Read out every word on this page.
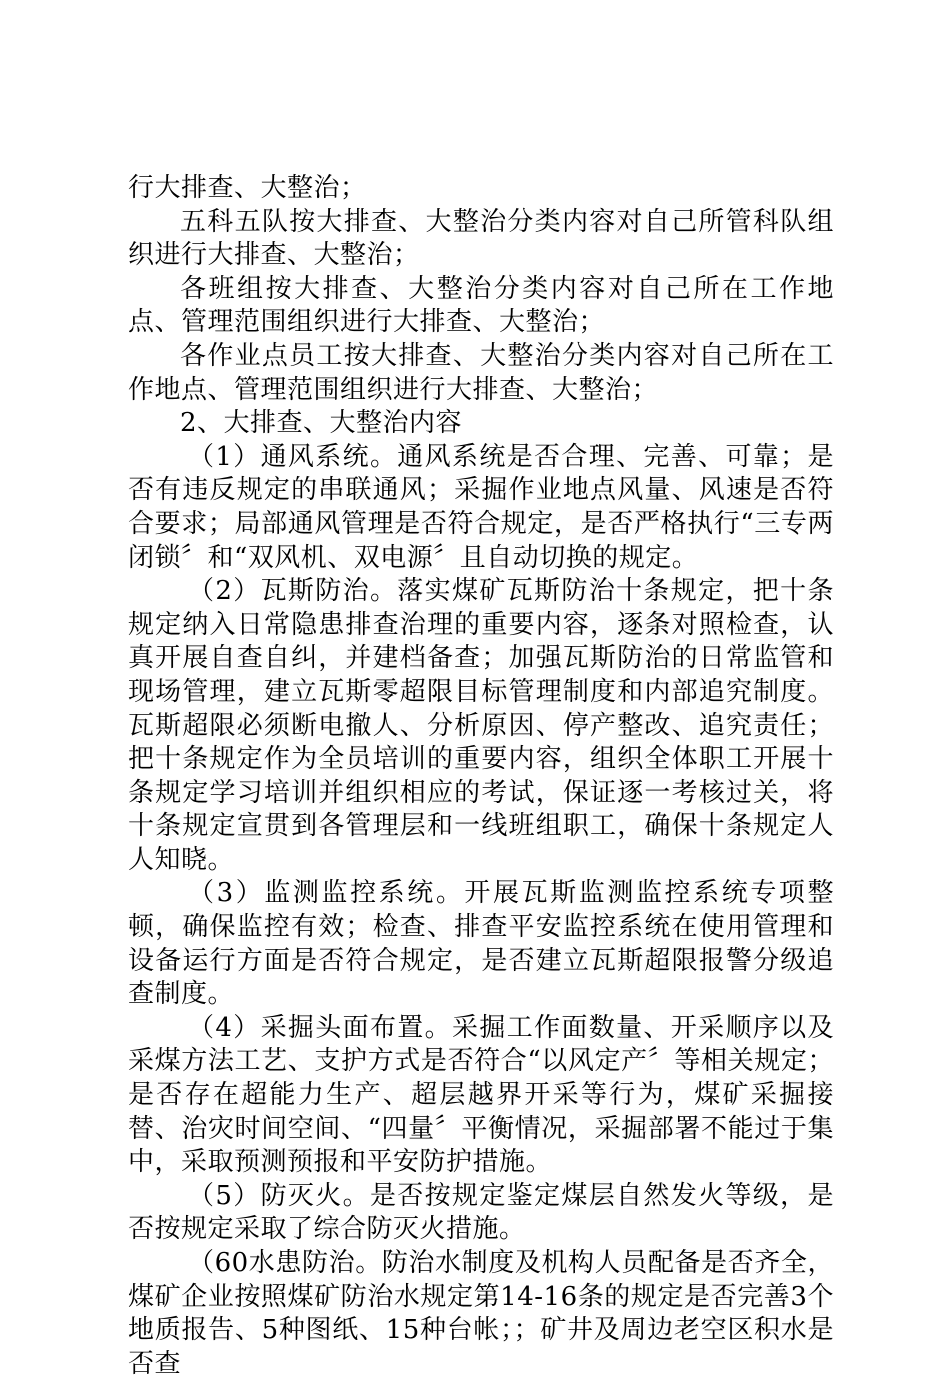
行大排查、大整治；

五科五队按大排查、大整治分类内容对自己所管科队组织进行大排查、大整治；

各班组按大排查、大整治分类内容对自己所在工作地点、管理范围组织进行大排查、大整治；

各作业点员工按大排查、大整治分类内容对自己所在工作地点、管理范围组织进行大排查、大整治；

2、大排查、大整治内容

（1）通风系统。通风系统是否合理、完善、可靠；是否有违反规定的串联通风；采掘作业地点风量、风速是否符合要求；局部通风管理是否符合规定，是否严格执行“三专两闭锁〞和“双风机、双电源〞且自动切换的规定。

（2）瓦斯防治。落实煤矿瓦斯防治十条规定，把十条规定纳入日常隐患排查治理的重要内容，逐条对照检查，认真开展自查自纠，并建档备查；加强瓦斯防治的日常监管和现场管理，建立瓦斯零超限目标管理制度和内部追究制度。瓦斯超限必须断电撤人、分析原因、停产整改、追究责任；把十条规定作为全员培训的重要内容，组织全体职工开展十条规定学习培训并组织相应的考试，保证逐一考核过关，将十条规定宣贯到各管理层和一线班组职工，确保十条规定人人知晓。

（3）监测监控系统。开展瓦斯监测监控系统专项整顿，确保监控有效；检查、排查平安监控系统在使用管理和设备运行方面是否符合规定，是否建立瓦斯超限报警分级追查制度。

（4）采掘头面布置。采掘工作面数量、开采顺序以及采煤方法工艺、支护方式是否符合“以风定产〞等相关规定；是否存在超能力生产、超层越界开采等行为，煤矿采掘接替、治灾时间空间、“四量〞平衡情况，采掘部署不能过于集中，采取预测预报和平安防护措施。

（5）防灭火。是否按规定鉴定煤层自然发火等级，是否按规定采取了综合防灭火措施。

（60水患防治。防治水制度及机构人员配备是否齐全，煤矿企业按照煤矿防治水规定第14-16条的规定是否完善3个地质报告、5种图纸、15种台帐；；矿井及周边老空区积水是否查
